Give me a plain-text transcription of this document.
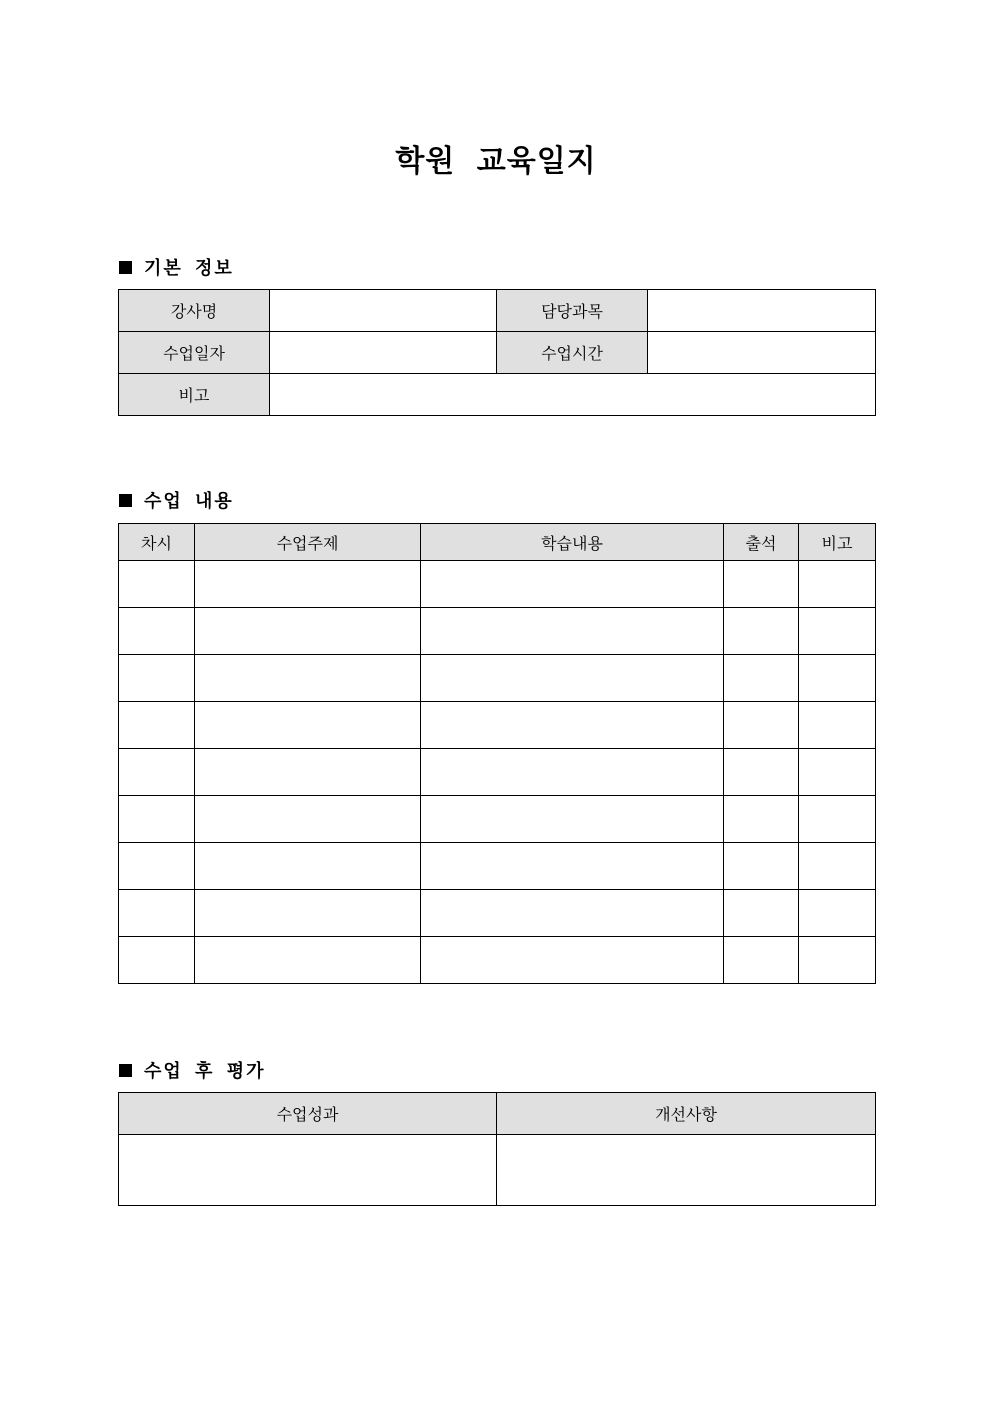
학원 교육일지
기본 정보
강사명		담당과목	
수업일자		수업시간	
비고			
수업 내용
차시	수업주제	학습내용	출석	비고

수업 후 평가
수업성과	개선사항
